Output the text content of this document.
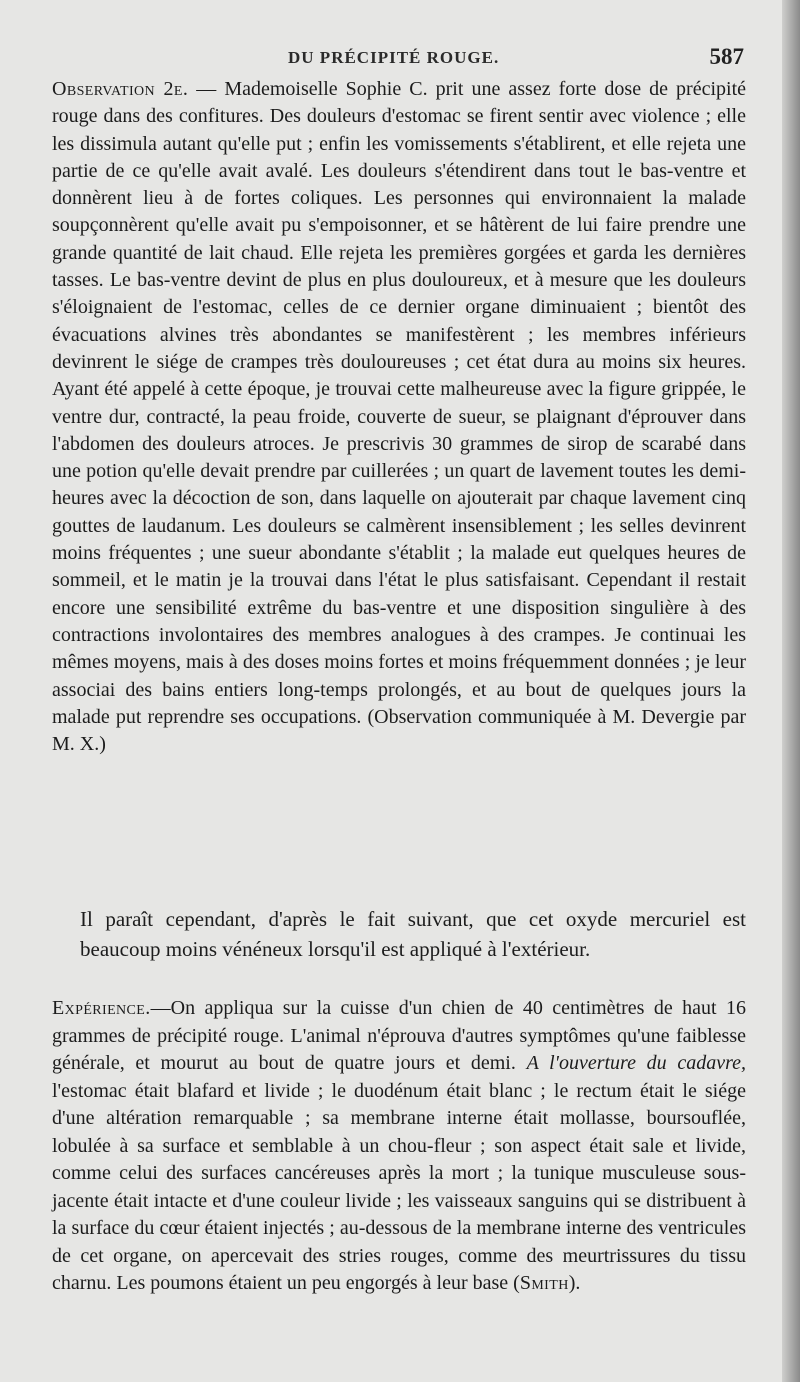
DU PRÉCIPITÉ ROUGE.	587
Observation 2e. — Mademoiselle Sophie C. prit une assez forte dose de précipité rouge dans des confitures. Des douleurs d'estomac se firent sentir avec violence ; elle les dissimula autant qu'elle put ; enfin les vomissements s'établirent, et elle rejeta une partie de ce qu'elle avait avalé. Les douleurs s'étendirent dans tout le bas-ventre et donnèrent lieu à de fortes coliques. Les personnes qui environnaient la malade soupçonnèrent qu'elle avait pu s'empoisonner, et se hâtèrent de lui faire prendre une grande quantité de lait chaud. Elle rejeta les premières gorgées et garda les dernières tasses. Le bas-ventre devint de plus en plus douloureux, et à mesure que les douleurs s'éloignaient de l'estomac, celles de ce dernier organe diminuaient ; bientôt des évacuations alvines très abondantes se manifestèrent ; les membres inférieurs devinrent le siége de crampes très douloureuses ; cet état dura au moins six heures. Ayant été appelé à cette époque, je trouvai cette malheureuse avec la figure grippée, le ventre dur, contracté, la peau froide, couverte de sueur, se plaignant d'éprouver dans l'abdomen des douleurs atroces. Je prescrivis 30 grammes de sirop de scarabé dans une potion qu'elle devait prendre par cuillerées ; un quart de lavement toutes les demi-heures avec la décoction de son, dans laquelle on ajouterait par chaque lavement cinq gouttes de laudanum. Les douleurs se calmèrent insensiblement ; les selles devinrent moins fréquentes ; une sueur abondante s'établit ; la malade eut quelques heures de sommeil, et le matin je la trouvai dans l'état le plus satisfaisant. Cependant il restait encore une sensibilité extrême du bas-ventre et une disposition singulière à des contractions involontaires des membres analogues à des crampes. Je continuai les mêmes moyens, mais à des doses moins fortes et moins fréquemment données ; je leur associai des bains entiers long-temps prolongés, et au bout de quelques jours la malade put reprendre ses occupations. (Observation communiquée à M. Devergie par M. X.)
Il paraît cependant, d'après le fait suivant, que cet oxyde mercuriel est beaucoup moins vénéneux lorsqu'il est appliqué à l'extérieur.
Expérience.—On appliqua sur la cuisse d'un chien de 40 centimètres de haut 16 grammes de précipité rouge. L'animal n'éprouva d'autres symptômes qu'une faiblesse générale, et mourut au bout de quatre jours et demi. A l'ouverture du cadavre, l'estomac était blafard et livide ; le duodénum était blanc ; le rectum était le siége d'une altération remarquable ; sa membrane interne était mollasse, boursouflée, lobulée à sa surface et semblable à un chou-fleur ; son aspect était sale et livide, comme celui des surfaces cancéreuses après la mort ; la tunique musculeuse sous-jacente était intacte et d'une couleur livide ; les vaisseaux sanguins qui se distribuent à la surface du cœur étaient injectés ; au-dessous de la membrane interne des ventricules de cet organe, on apercevait des stries rouges, comme des meurtrissures du tissu charnu. Les poumons étaient un peu engorgés à leur base (Smith).
